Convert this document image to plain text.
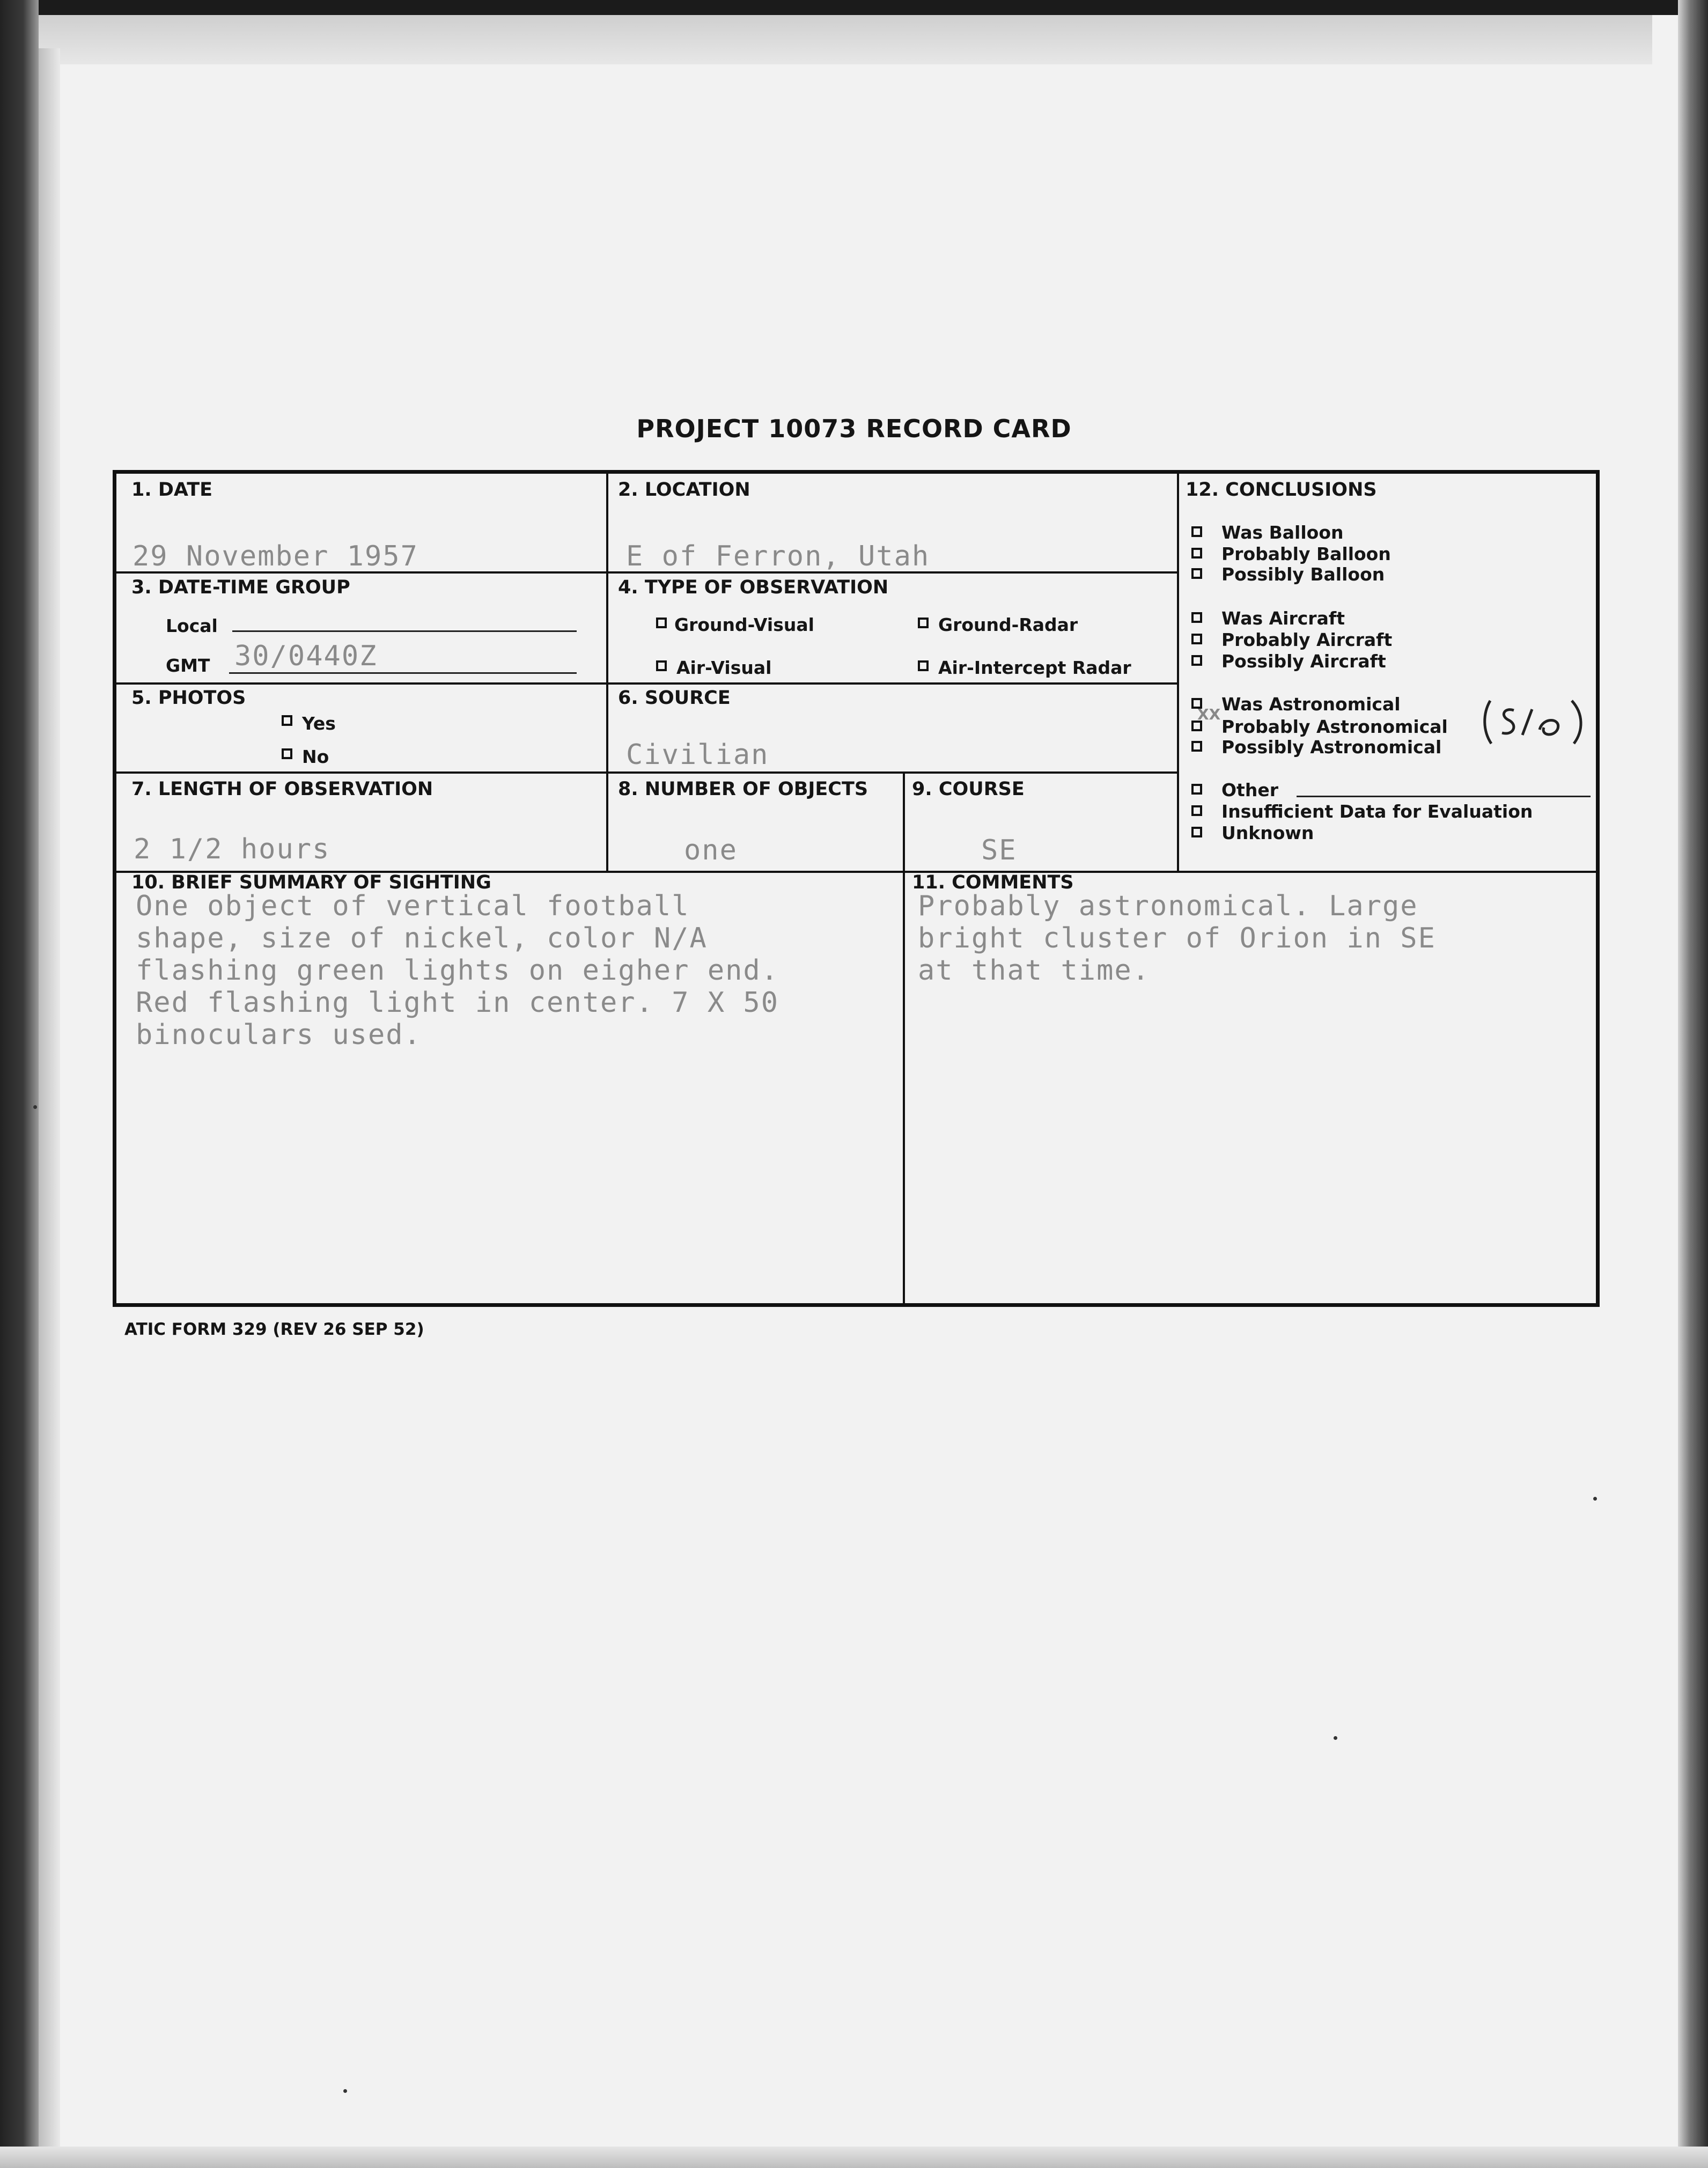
PROJECT 10073 RECORD CARD
1. DATE
29 November 1957
2. LOCATION
E of Ferron, Utah
12. CONCLUSIONS
XX
3. DATE-TIME GROUP
Local
GMT 30/0440Z
4. TYPE OF OBSERVATION
Ground-Visual	Ground-Radar
Air-Visual	Air-Intercept Radar
5. PHOTOS
Yes
No
6. SOURCE
Civilian
7. LENGTH OF OBSERVATION
2 1/2 hours
8. NUMBER OF OBJECTS
one
9. COURSE
SE
10. BRIEF SUMMARY OF SIGHTING
One object of vertical football
shape, size of nickel, color N/A
flashing green lights on eigher end.
Red flashing light in center. 7 X 50
binoculars used.
11. COMMENTS
Probably astronomical. Large
bright cluster of Orion in SE
at that time.
Was Balloon
Probably Balloon
Possibly Balloon
Was Aircraft
Probably Aircraft
Possibly Aircraft
Was Astronomical
Probably Astronomical
Possibly Astronomical
Other
Insufficient Data for Evaluation
Unknown
ATIC FORM 329 (REV 26 SEP 52)
